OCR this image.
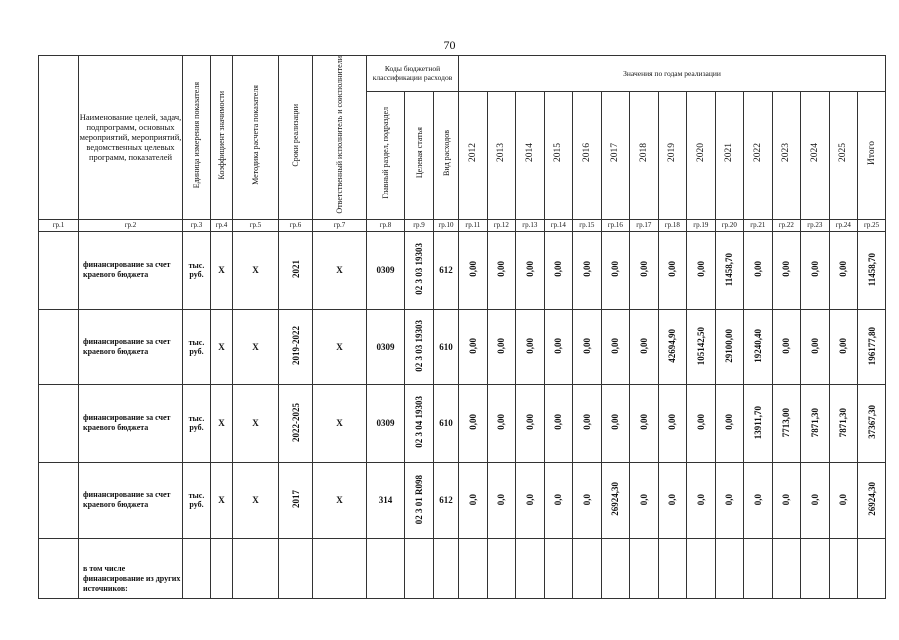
70
	Наименование целей, задач, подпрограмм, основных мероприятий, мероприятий, ведомственных целевых программ, показателей	Единица измерения показателя	Коэффициент значимости	Методика расчета показателя	Сроки реализации	Ответственный исполнитель и соисполнители	Коды бюджетной классификации расходов			Значения по годам реализации														
							Главный раздел, подраздел	Целевая статья	Вид расходов	2012	2013	2014	2015	2016	2017	2018	2019	2020	2021	2022	2023	2024	2025	Итого
гр.1	гр.2	гр.3	гр.4	гр.5	гр.6	гр.7	гр.8	гр.9	гр.10	гр.11	гр.12	гр.13	гр.14	гр.15	гр.16	гр.17	гр.18	гр.19	гр.20	гр.21	гр.22	гр.23	гр.24	гр.25
	финансирование за счет краевого бюджета	тыс. руб.	Х	Х	2021	Х	0309	02 3 03 19303	612	0,00	0,00	0,00	0,00	0,00	0,00	0,00	0,00	0,00	11458,70	0,00	0,00	0,00	0,00	11458,70
	финансирование за счет краевого бюджета	тыс. руб.	Х	Х	2019-2022	Х	0309	02 3 03 19303	610	0,00	0,00	0,00	0,00	0,00	0,00	0,00	42694,90	105142,50	29100,00	19240,40	0,00	0,00	0,00	196177,80
	финансирование за счет краевого бюджета	тыс. руб.	Х	Х	2022-2025	Х	0309	02 3 04 19303	610	0,00	0,00	0,00	0,00	0,00	0,00	0,00	0,00	0,00	0,00	13911,70	7713,00	7871,30	7871,30	37367,30
	финансирование за счет краевого бюджета	тыс. руб.	Х	Х	2017	Х	314	02 3 01 R098	612	0,0	0,0	0,0	0,0	0,0	26924,30	0,0	0,0	0,0	0,0	0,0	0,0	0,0	0,0	26924,30
	в том числе финансирование из других источников:																							
